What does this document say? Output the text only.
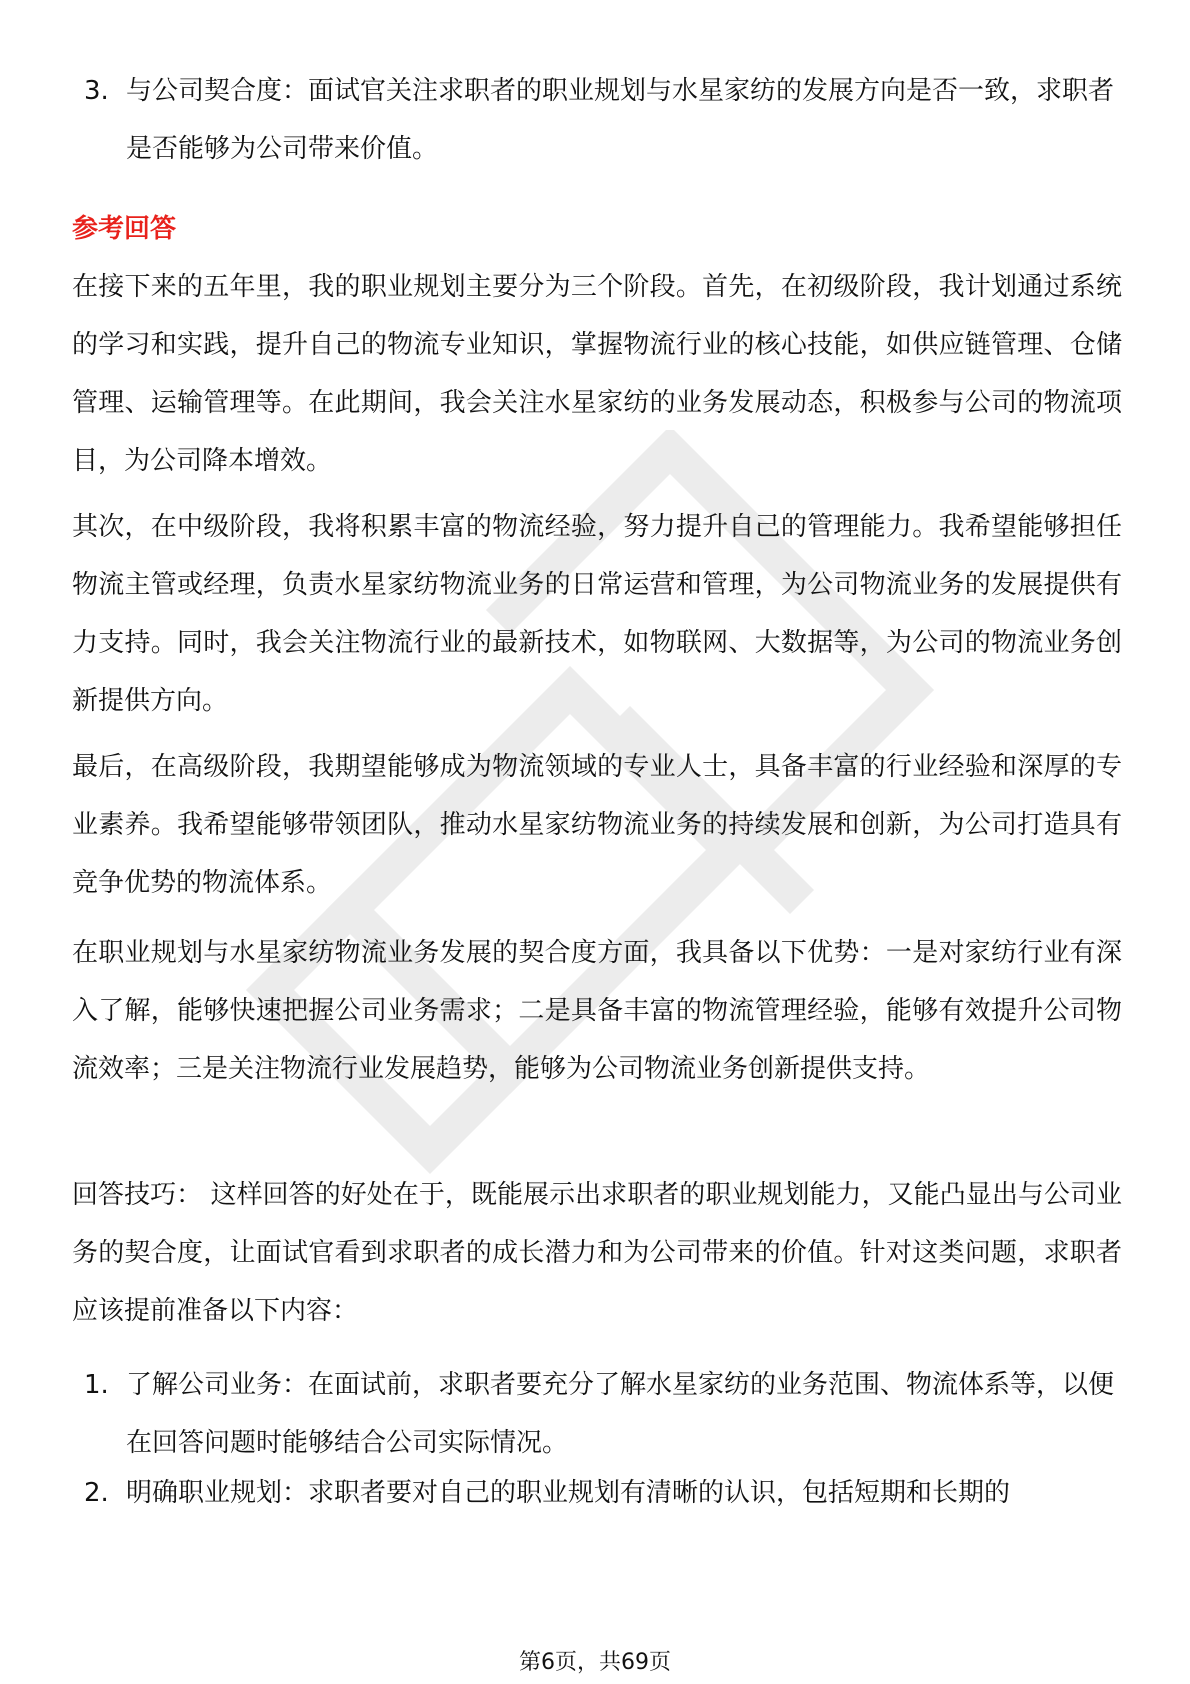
3. 与公司契合度：面试官关注求职者的职业规划与水星家纺的发展方向是否一致，求职者是否能够为公司带来价值。
参考回答
在接下来的五年里，我的职业规划主要分为三个阶段。首先，在初级阶段，我计划通过系统的学习和实践，提升自己的物流专业知识，掌握物流行业的核心技能，如供应链管理、仓储管理、运输管理等。在此期间，我会关注水星家纺的业务发展动态，积极参与公司的物流项目，为公司降本增效。
其次，在中级阶段，我将积累丰富的物流经验，努力提升自己的管理能力。我希望能够担任物流主管或经理，负责水星家纺物流业务的日常运营和管理，为公司物流业务的发展提供有力支持。同时，我会关注物流行业的最新技术，如物联网、大数据等，为公司的物流业务创新提供方向。
最后，在高级阶段，我期望能够成为物流领域的专业人士，具备丰富的行业经验和深厚的专业素养。我希望能够带领团队，推动水星家纺物流业务的持续发展和创新，为公司打造具有竞争优势的物流体系。
在职业规划与水星家纺物流业务发展的契合度方面，我具备以下优势：一是对家纺行业有深入了解，能够快速把握公司业务需求；二是具备丰富的物流管理经验，能够有效提升公司物流效率；三是关注物流行业发展趋势，能够为公司物流业务创新提供支持。
回答技巧： 这样回答的好处在于，既能展示出求职者的职业规划能力，又能凸显出与公司业务的契合度，让面试官看到求职者的成长潜力和为公司带来的价值。针对这类问题，求职者应该提前准备以下内容：
1. 了解公司业务：在面试前，求职者要充分了解水星家纺的业务范围、物流体系等，以便在回答问题时能够结合公司实际情况。
2. 明确职业规划：求职者要对自己的职业规划有清晰的认识，包括短期和长期的
第6页，共69页
